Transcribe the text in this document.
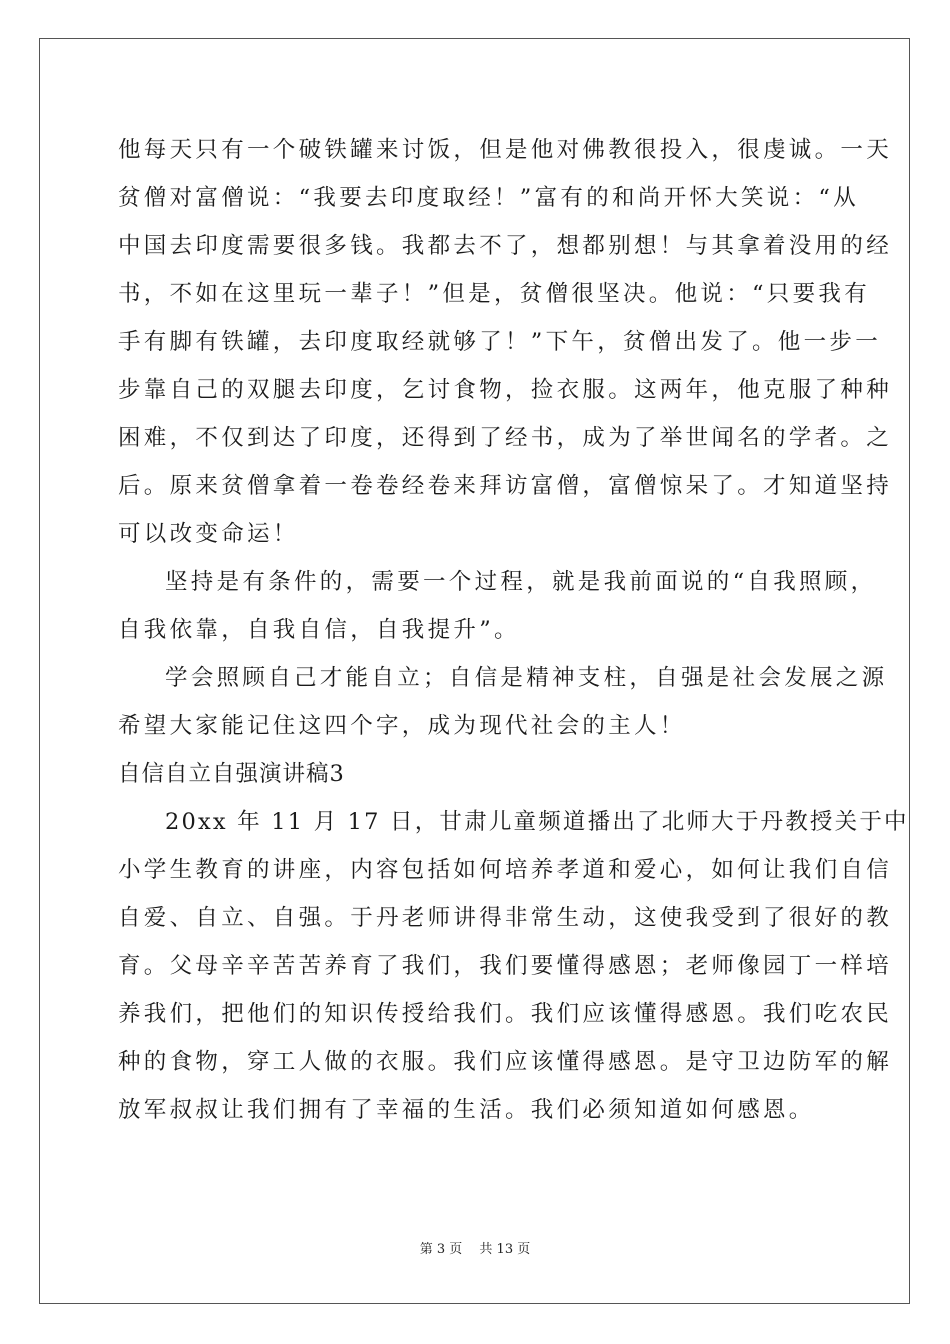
他每天只有一个破铁罐来讨饭，但是他对佛教很投入，很虔诚。一天
贫僧对富僧说：“我要去印度取经！”富有的和尚开怀大笑说：“从
中国去印度需要很多钱。我都去不了，想都别想！与其拿着没用的经
书，不如在这里玩一辈子！”但是，贫僧很坚决。他说：“只要我有
手有脚有铁罐，去印度取经就够了！”下午，贫僧出发了。他一步一
步靠自己的双腿去印度，乞讨食物，捡衣服。这两年，他克服了种种
困难，不仅到达了印度，还得到了经书，成为了举世闻名的学者。之
后。原来贫僧拿着一卷卷经卷来拜访富僧，富僧惊呆了。才知道坚持
可以改变命运！
坚持是有条件的，需要一个过程，就是我前面说的“自我照顾，
自我依靠，自我自信，自我提升”。
学会照顾自己才能自立；自信是精神支柱，自强是社会发展之源
希望大家能记住这四个字，成为现代社会的主人！
自信自立自强演讲稿3
20xx 年 11 月 17 日，甘肃儿童频道播出了北师大于丹教授关于中
小学生教育的讲座，内容包括如何培养孝道和爱心，如何让我们自信
自爱、自立、自强。于丹老师讲得非常生动，这使我受到了很好的教
育。父母辛辛苦苦养育了我们，我们要懂得感恩；老师像园丁一样培
养我们，把他们的知识传授给我们。我们应该懂得感恩。我们吃农民
种的食物，穿工人做的衣服。我们应该懂得感恩。是守卫边防军的解
放军叔叔让我们拥有了幸福的生活。我们必须知道如何感恩。
第 3 页　 共 13 页
